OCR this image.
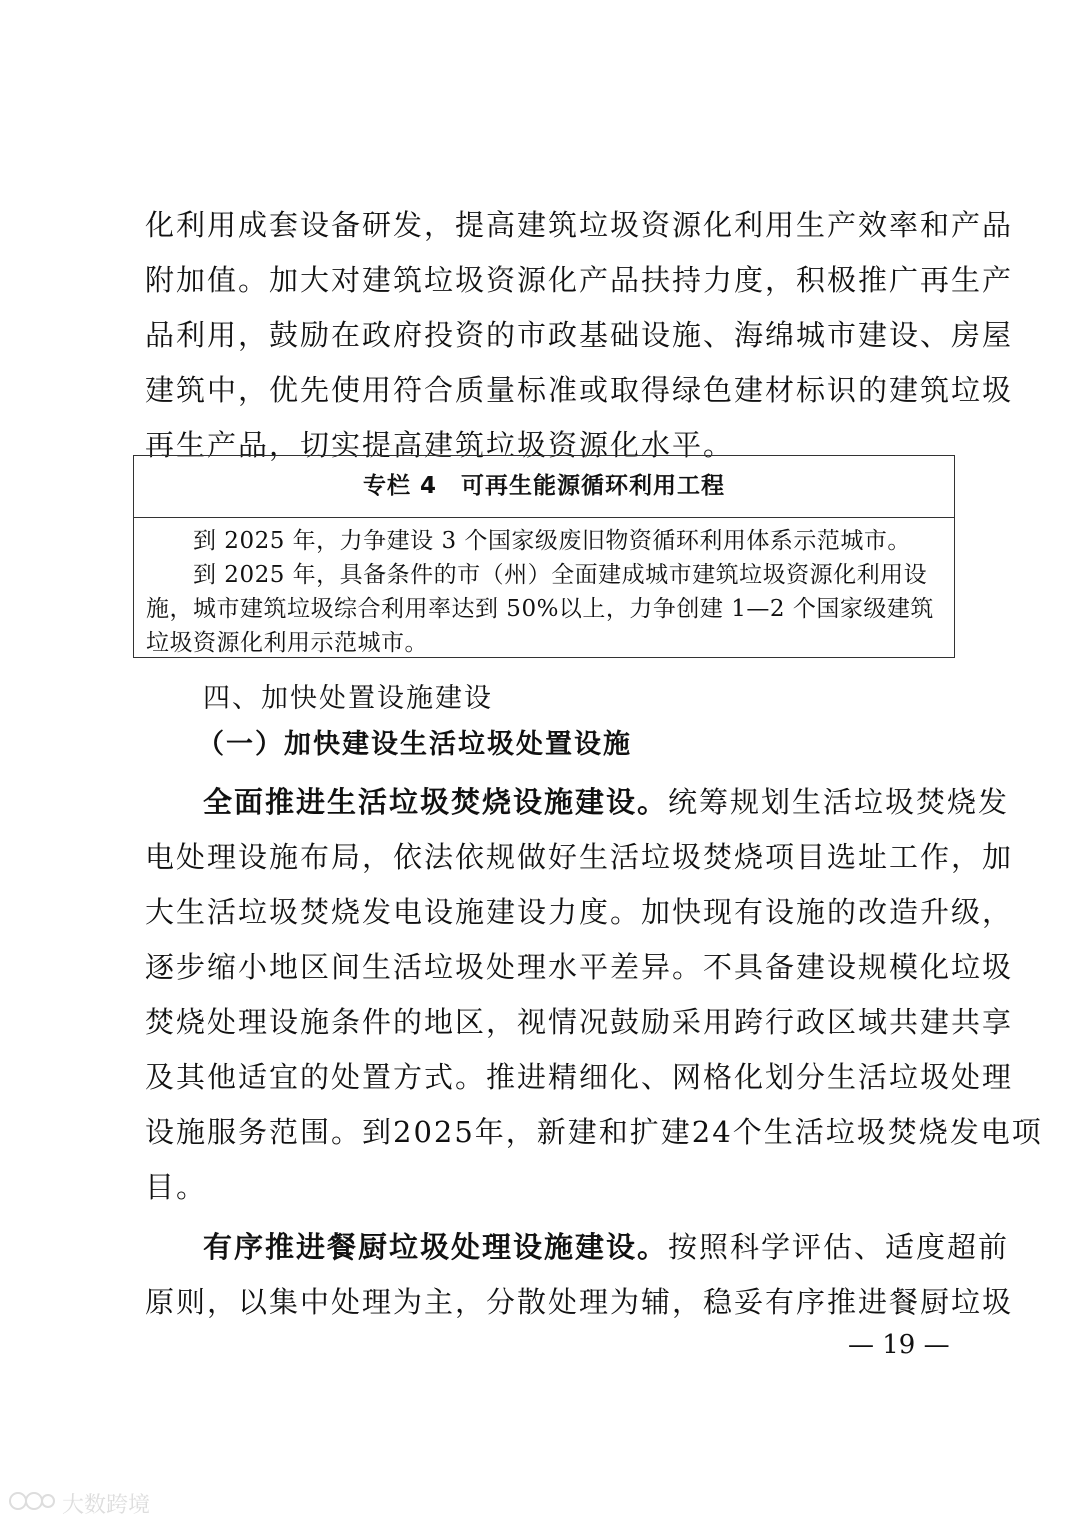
化利用成套设备研发，提高建筑垃圾资源化利用生产效率和产品
附加值。加大对建筑垃圾资源化产品扶持力度，积极推广再生产
品利用，鼓励在政府投资的市政基础设施、海绵城市建设、房屋
建筑中，优先使用符合质量标准或取得绿色建材标识的建筑垃圾
再生产品，切实提高建筑垃圾资源化水平。
专栏 4　可再生能源循环利用工程
　　到 2025 年，力争建设 3 个国家级废旧物资循环利用体系示范城市。
　　到 2025 年，具备条件的市（州）全面建成城市建筑垃圾资源化利用设
施，城市建筑垃圾综合利用率达到 50%以上，力争创建 1—2 个国家级建筑
垃圾资源化利用示范城市。
四、加快处置设施建设
（一）加快建设生活垃圾处置设施
全面推进生活垃圾焚烧设施建设。统筹规划生活垃圾焚烧发
电处理设施布局，依法依规做好生活垃圾焚烧项目选址工作，加
大生活垃圾焚烧发电设施建设力度。加快现有设施的改造升级，
逐步缩小地区间生活垃圾处理水平差异。不具备建设规模化垃圾
焚烧处理设施条件的地区，视情况鼓励采用跨行政区域共建共享
及其他适宜的处置方式。推进精细化、网格化划分生活垃圾处理
设施服务范围。到2025年，新建和扩建24个生活垃圾焚烧发电项
目。
有序推进餐厨垃圾处理设施建设。按照科学评估、适度超前
原则，以集中处理为主，分散处理为辅，稳妥有序推进餐厨垃圾
— 19 —
大数跨境
